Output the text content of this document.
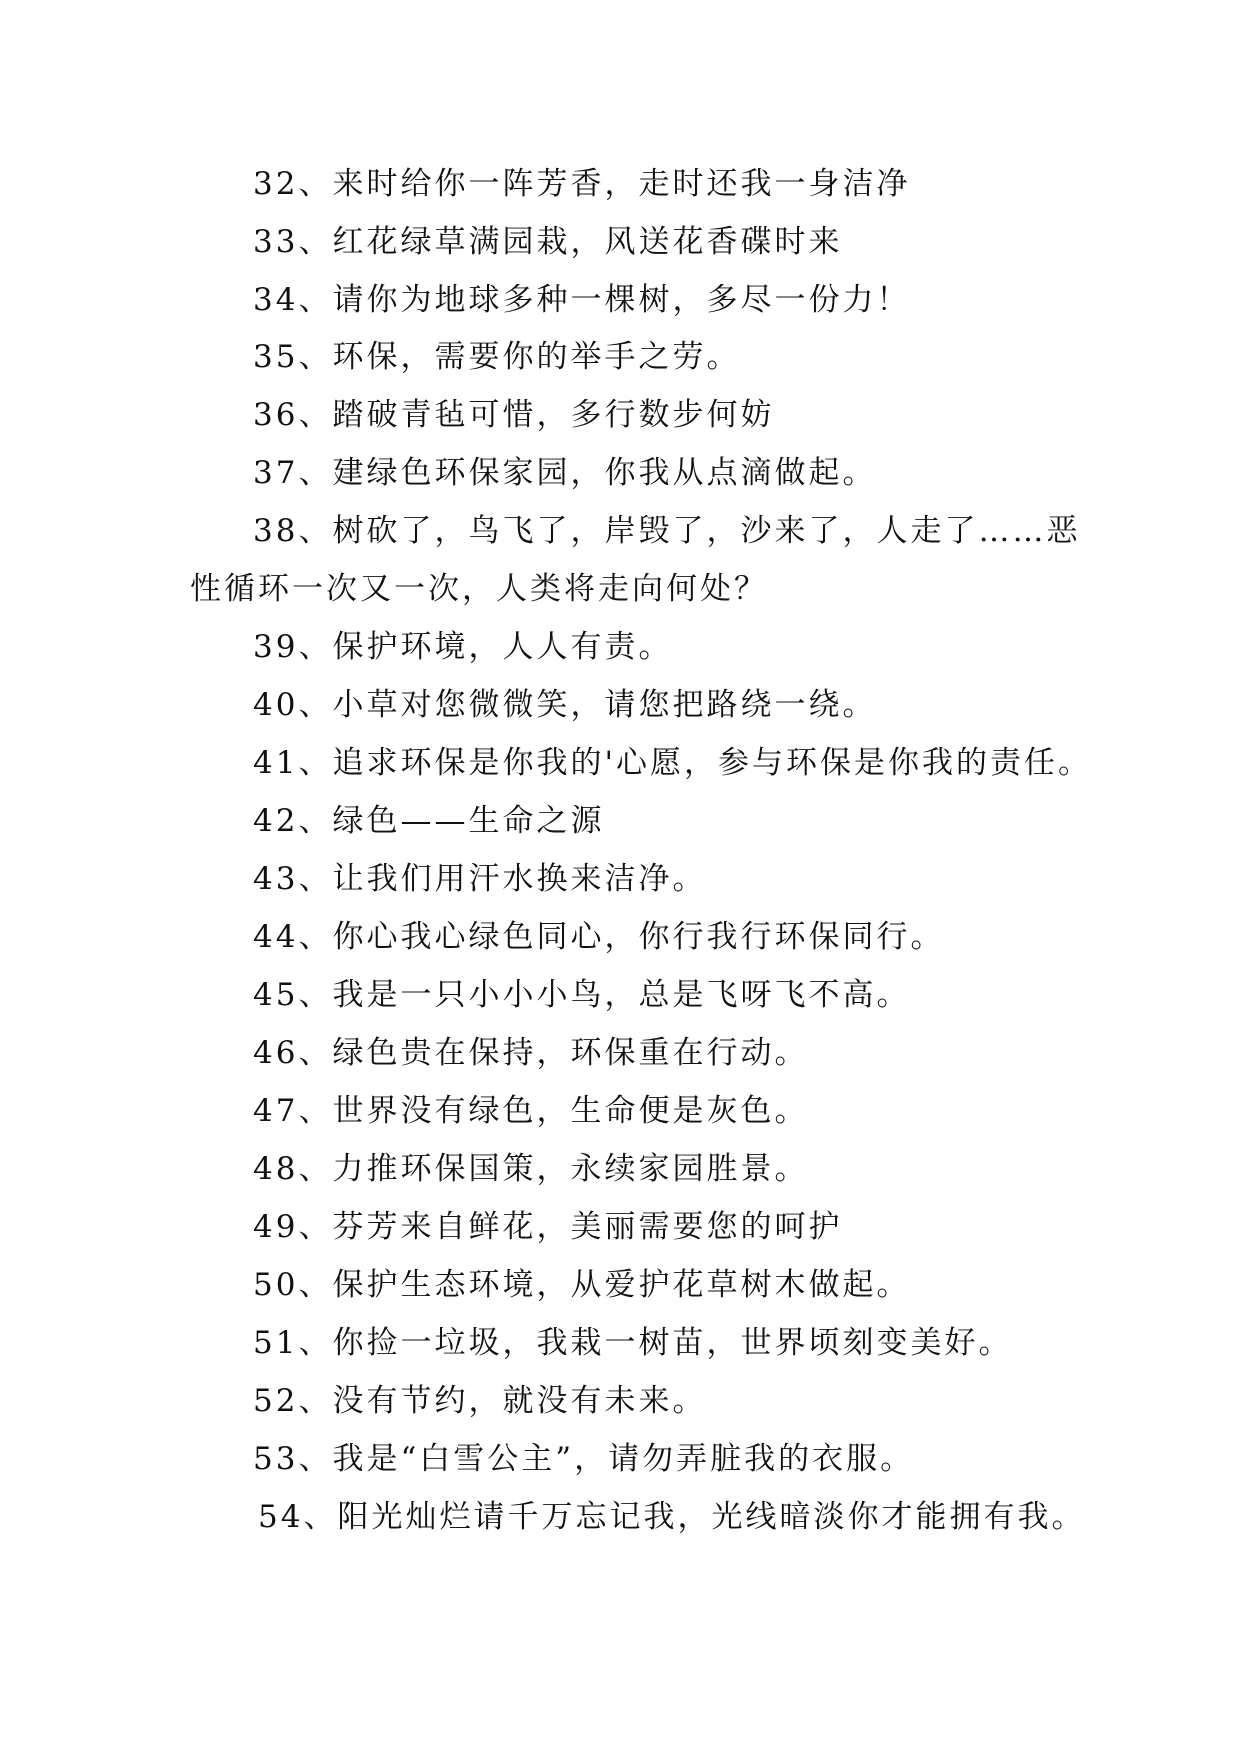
32、来时给你一阵芳香，走时还我一身洁净
33、红花绿草满园栽，风送花香碟时来
34、请你为地球多种一棵树，多尽一份力！
35、环保，需要你的举手之劳。
36、踏破青毡可惜，多行数步何妨
37、建绿色环保家园，你我从点滴做起。
38、树砍了，鸟飞了，岸毁了，沙来了，人走了……恶
性循环一次又一次，人类将走向何处？
39、保护环境，人人有责。
40、小草对您微微笑，请您把路绕一绕。
41、追求环保是你我的'心愿，参与环保是你我的责任。
42、绿色——生命之源
43、让我们用汗水换来洁净。
44、你心我心绿色同心，你行我行环保同行。
45、我是一只小小小鸟，总是飞呀飞不高。
46、绿色贵在保持，环保重在行动。
47、世界没有绿色，生命便是灰色。
48、力推环保国策，永续家园胜景。
49、芬芳来自鲜花，美丽需要您的呵护
50、保护生态环境，从爱护花草树木做起。
51、你捡一垃圾，我栽一树苗，世界顷刻变美好。
52、没有节约，就没有未来。
53、我是“白雪公主”，请勿弄脏我的衣服。
54、阳光灿烂请千万忘记我，光线暗淡你才能拥有我。
